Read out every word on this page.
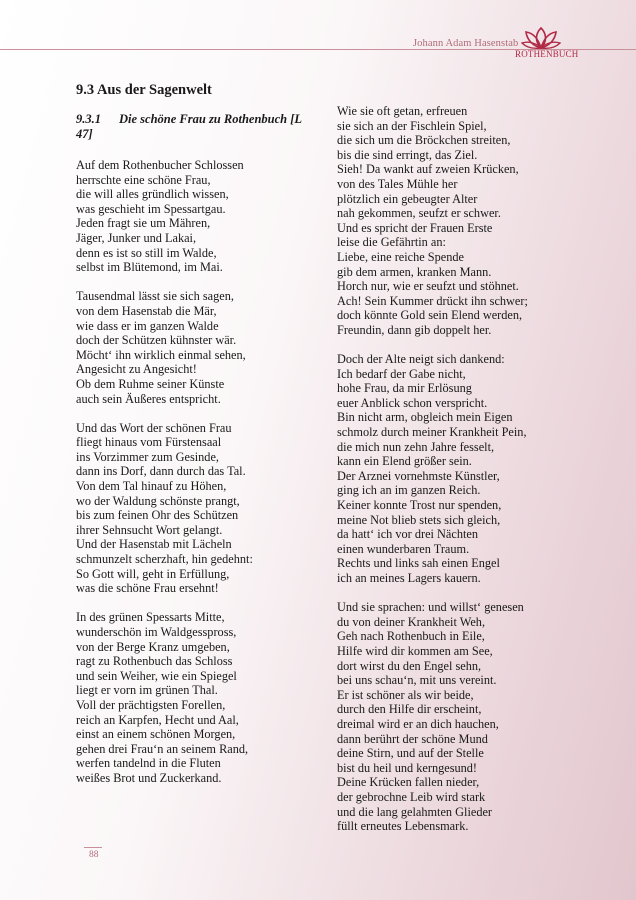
Johann Adam Hasenstab
ROTHENBUCH
9.3 Aus der Sagenwelt
9.3.1 Die schöne Frau zu Rothenbuch [L 47]

Auf dem Rothenbucher Schlossen
herrschte eine schöne Frau,
die will alles gründlich wissen,
was geschieht im Spessartgau.
Jeden fragt sie um Mähren,
Jäger, Junker und Lakai,
denn es ist so still im Walde,
selbst im Blütemond, im Mai.

Tausendmal lässt sie sich sagen,
von dem Hasenstab die Mär,
wie dass er im ganzen Walde
doch der Schützen kühnster wär.
Möcht‘ ihn wirklich einmal sehen,
Angesicht zu Angesicht!
Ob dem Ruhme seiner Künste
auch sein Äußeres entspricht.

Und das Wort der schönen Frau
fliegt hinaus vom Fürstensaal
ins Vorzimmer zum Gesinde,
dann ins Dorf, dann durch das Tal.
Von dem Tal hinauf zu Höhen,
wo der Waldung schönste prangt,
bis zum feinen Ohr des Schützen
ihrer Sehnsucht Wort gelangt.
Und der Hasenstab mit Lächeln
schmunzelt scherzhaft, hin gedehnt:
So Gott will, geht in Erfüllung,
was die schöne Frau ersehnt!

In des grünen Spessarts Mitte,
wunderschön im Waldgesspross,
von der Berge Kranz umgeben,
ragt zu Rothenbuch das Schloss
und sein Weiher, wie ein Spiegel
liegt er vorn im grünen Thal.
Voll der prächtigsten Forellen,
reich an Karpfen, Hecht und Aal,
einst an einem schönen Morgen,
gehen drei Frau‘n an seinem Rand,
werfen tandelnd in die Fluten
weißes Brot und Zuckerkand.

Wie sie oft getan, erfreuen
sie sich an der Fischlein Spiel,
die sich um die Bröckchen streiten,
bis die sind erringt, das Ziel.
Sieh! Da wankt auf zweien Krücken,
von des Tales Mühle her
plötzlich ein gebeugter Alter
nah gekommen, seufzt er schwer.
Und es spricht der Frauen Erste
leise die Gefährtin an:
Liebe, eine reiche Spende
gib dem armen, kranken Mann.
Horch nur, wie er seufzt und stöhnet.
Ach! Sein Kummer drückt ihn schwer;
doch könnte Gold sein Elend werden,
Freundin, dann gib doppelt her.

Doch der Alte neigt sich dankend:
Ich bedarf der Gabe nicht,
hohe Frau, da mir Erlösung
euer Anblick schon verspricht.
Bin nicht arm, obgleich mein Eigen
schmolz durch meiner Krankheit Pein,
die mich nun zehn Jahre fesselt,
kann ein Elend größer sein.
Der Arznei vornehmste Künstler,
ging ich an im ganzen Reich.
Keiner konnte Trost nur spenden,
meine Not blieb stets sich gleich,
da hatt‘ ich vor drei Nächten
einen wunderbaren Traum.
Rechts und links sah einen Engel
ich an meines Lagers kauern.

Und sie sprachen: und willst‘ genesen
du von deiner Krankheit Weh,
Geh nach Rothenbuch in Eile,
Hilfe wird dir kommen am See,
dort wirst du den Engel sehn,
bei uns schau‘n, mit uns vereint.
Er ist schöner als wir beide,
durch den Hilfe dir erscheint,
dreimal wird er an dich hauchen,
dann berührt der schöne Mund
deine Stirn, und auf der Stelle
bist du heil und kerngesund!
Deine Krücken fallen nieder,
der gebrochne Leib wird stark
und die lang gelahmten Glieder
füllt erneutes Lebensmark.

88
